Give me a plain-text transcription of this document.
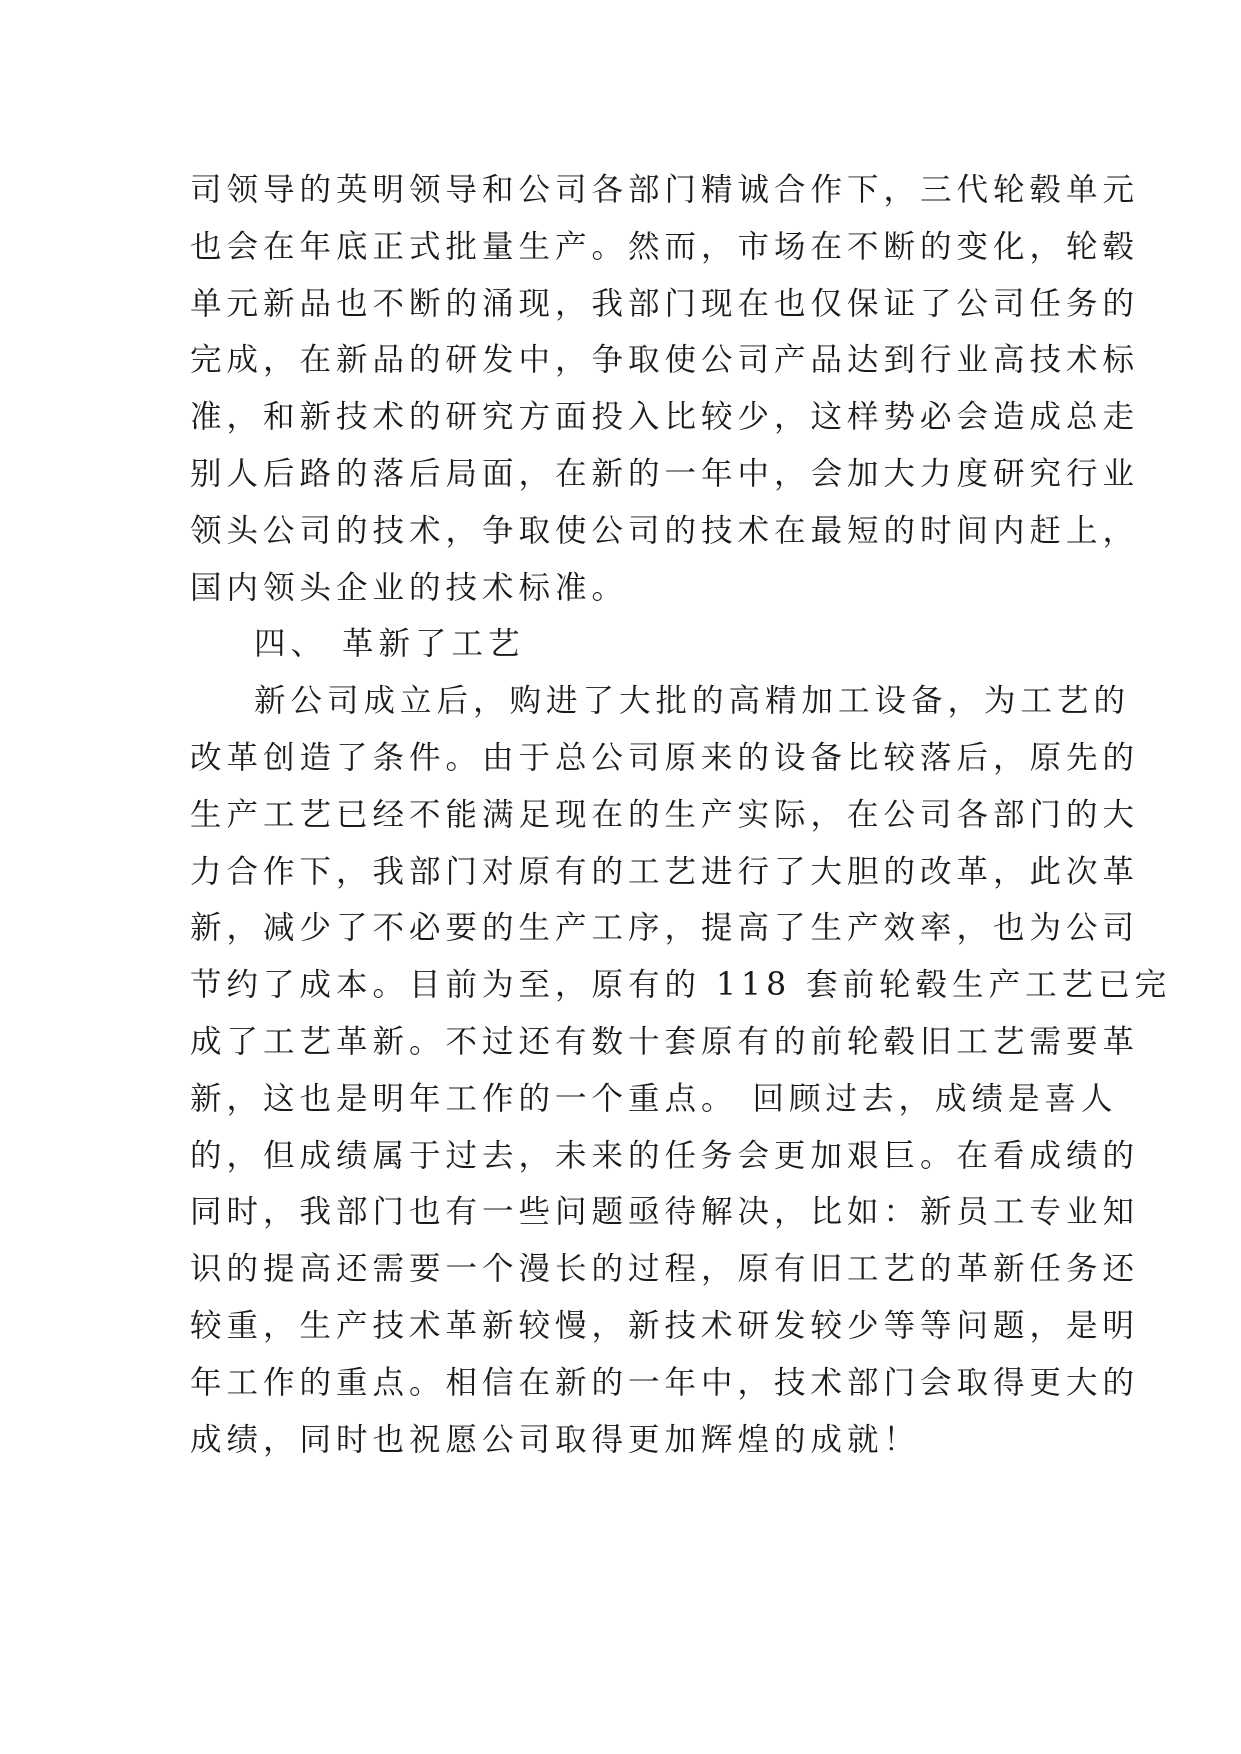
司领导的英明领导和公司各部门精诚合作下，三代轮毂单元
也会在年底正式批量生产。然而，市场在不断的变化，轮毂
单元新品也不断的涌现，我部门现在也仅保证了公司任务的
完成，在新品的研发中，争取使公司产品达到行业高技术标
准，和新技术的研究方面投入比较少，这样势必会造成总走
别人后路的落后局面，在新的一年中，会加大力度研究行业
领头公司的技术，争取使公司的技术在最短的时间内赶上，
国内领头企业的技术标准。
四、 革新了工艺
新公司成立后，购进了大批的高精加工设备，为工艺的
改革创造了条件。由于总公司原来的设备比较落后，原先的
生产工艺已经不能满足现在的生产实际，在公司各部门的大
力合作下，我部门对原有的工艺进行了大胆的改革，此次革
新，减少了不必要的生产工序，提高了生产效率，也为公司
节约了成本。目前为至，原有的 118 套前轮毂生产工艺已完
成了工艺革新。不过还有数十套原有的前轮毂旧工艺需要革
新，这也是明年工作的一个重点。 回顾过去，成绩是喜人
的，但成绩属于过去，未来的任务会更加艰巨。在看成绩的
同时，我部门也有一些问题亟待解决，比如：新员工专业知
识的提高还需要一个漫长的过程，原有旧工艺的革新任务还
较重，生产技术革新较慢，新技术研发较少等等问题，是明
年工作的重点。相信在新的一年中，技术部门会取得更大的
成绩，同时也祝愿公司取得更加辉煌的成就！
